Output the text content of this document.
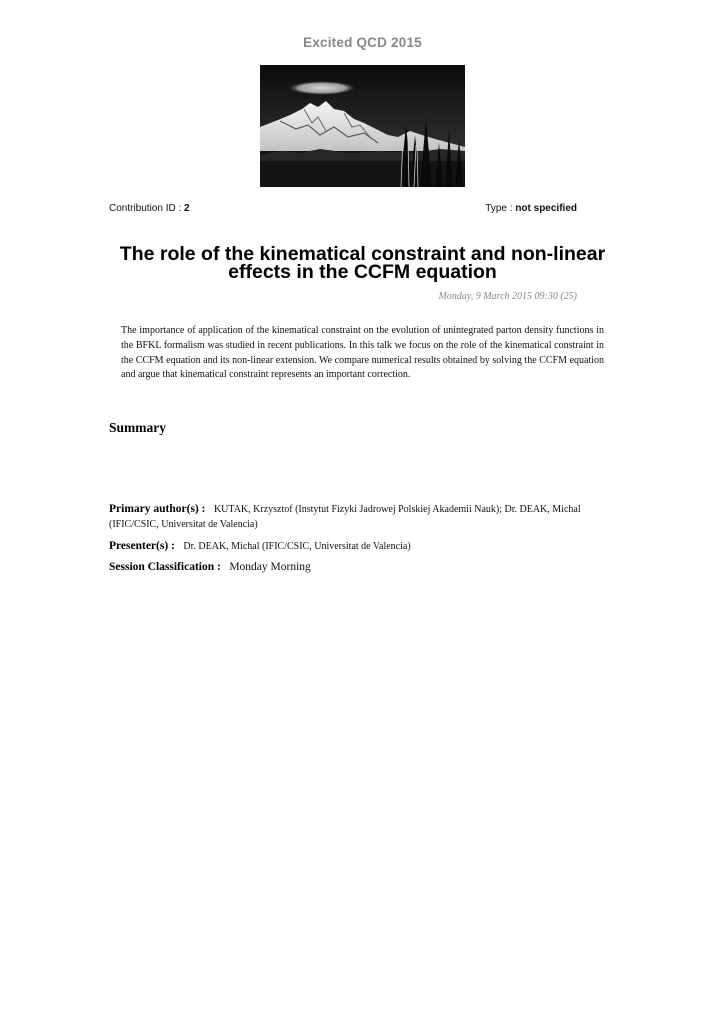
Excited QCD 2015
Contribution ID : 2	Type : not specified
The role of the kinematical constraint and non-linear
effects in the CCFM equation
Monday, 9 March 2015 09:30 (25)
The importance of application of the kinematical constraint on the evolution of unintegrated parton density functions in the BFKL formalism was studied in recent publications. In this talk we focus on the role of the kinematical constraint in the CCFM equation and its non-linear extension. We compare numerical results obtained by solving the CCFM equation and argue that kinematical constraint represents an important correction.
Summary
Primary author(s) : KUTAK, Krzysztof (Instytut Fizyki Jadrowej Polskiej Akademii Nauk); Dr. DEAK, Michal (IFIC/CSIC, Universitat de Valencia)
Presenter(s) : Dr. DEAK, Michal (IFIC/CSIC, Universitat de Valencia)
Session Classification : Monday Morning
